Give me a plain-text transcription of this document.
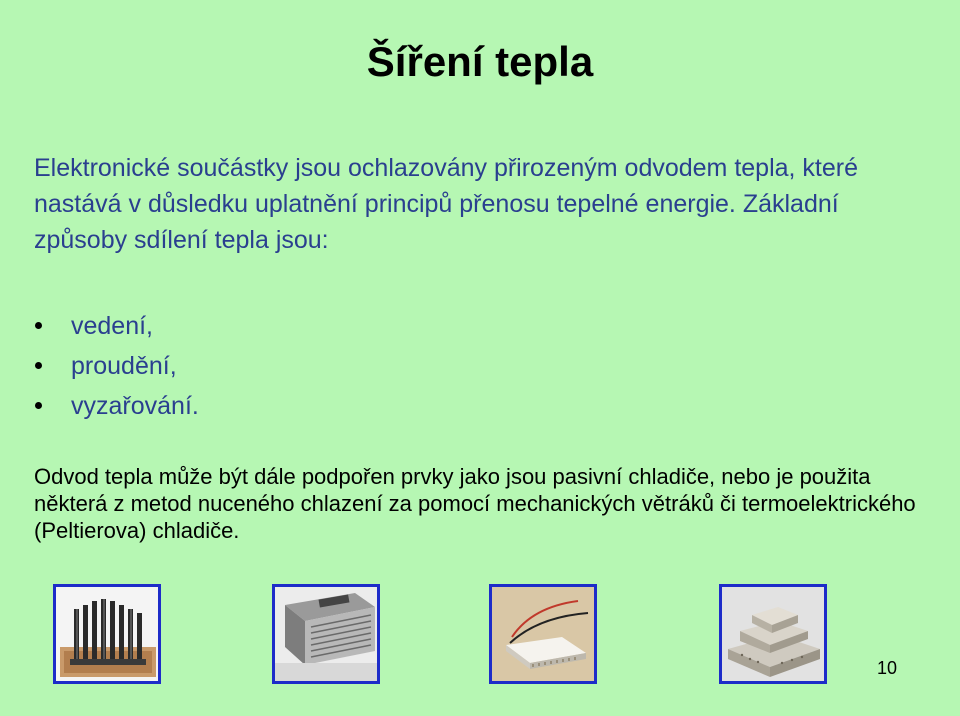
Šíření tepla

Elektronické součástky jsou ochlazovány přirozeným odvodem tepla, které nastává v důsledku uplatnění principů přenosu tepelné energie. Základní způsoby sdílení tepla jsou:

vedení,
proudění,
vyzařování.

Odvod tepla může být dále podpořen prvky jako jsou pasivní chladiče, nebo je použita některá z metod nuceného chlazení za pomocí mechanických větráků či termoelektrického (Peltierova) chladiče.

10
